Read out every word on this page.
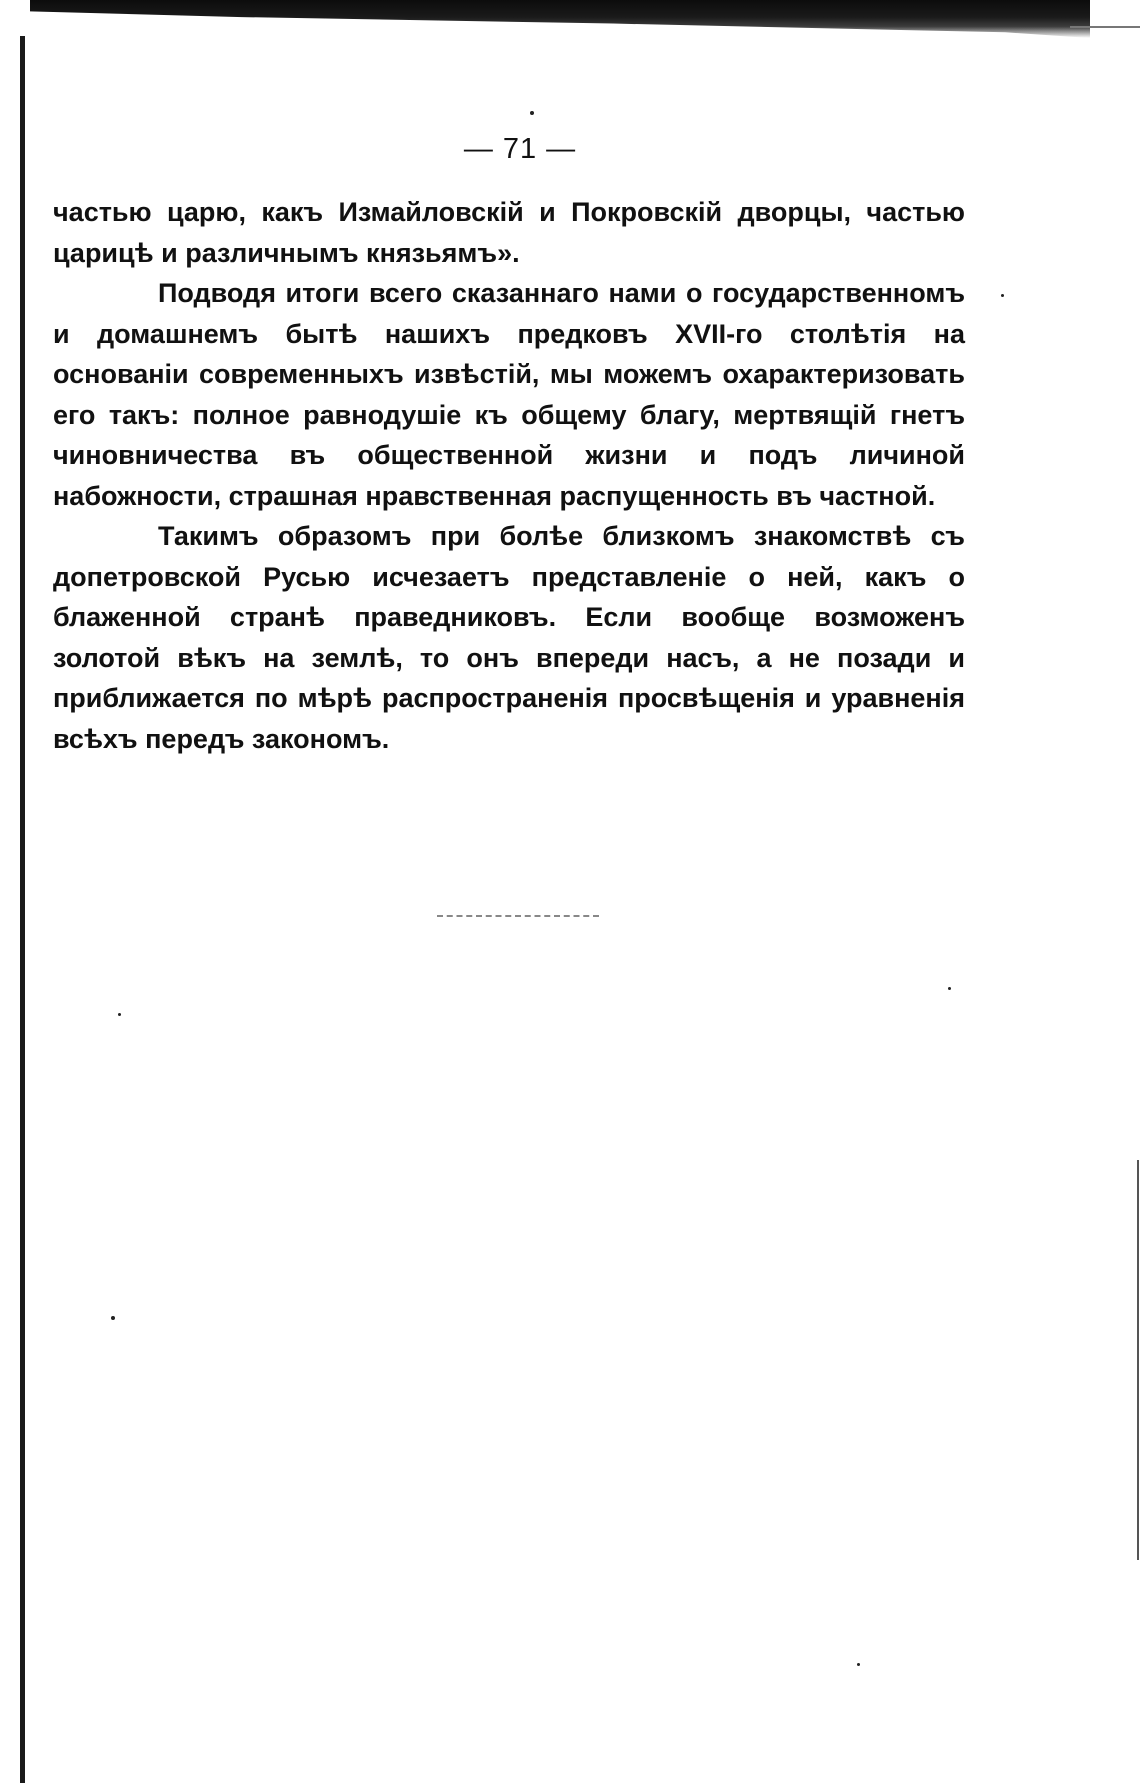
— 71 —

частью царю, какъ Измайловскій и Покровскій дворцы, частью царицѣ и различнымъ князьямъ».

Подводя итоги всего сказаннаго нами о государственномъ и домашнемъ бытѣ нашихъ предковъ XVII-го столѣтія на основаніи современныхъ извѣстій, мы можемъ охарактеризовать его такъ: полное равнодушіе къ общему благу, мертвящій гнетъ чиновничества въ общественной жизни и подъ личиной набожности, страшная нравственная распущенность въ частной.

Такимъ образомъ при болѣе близкомъ знакомствѣ съ допетровской Русью исчезаетъ представленіе о ней, какъ о блаженной странѣ праведниковъ. Если вообще возможенъ золотой вѣкъ на землѣ, то онъ впереди насъ, а не позади и приближается по мѣрѣ распространенія просвѣщенія и уравненія всѣхъ передъ закономъ.
